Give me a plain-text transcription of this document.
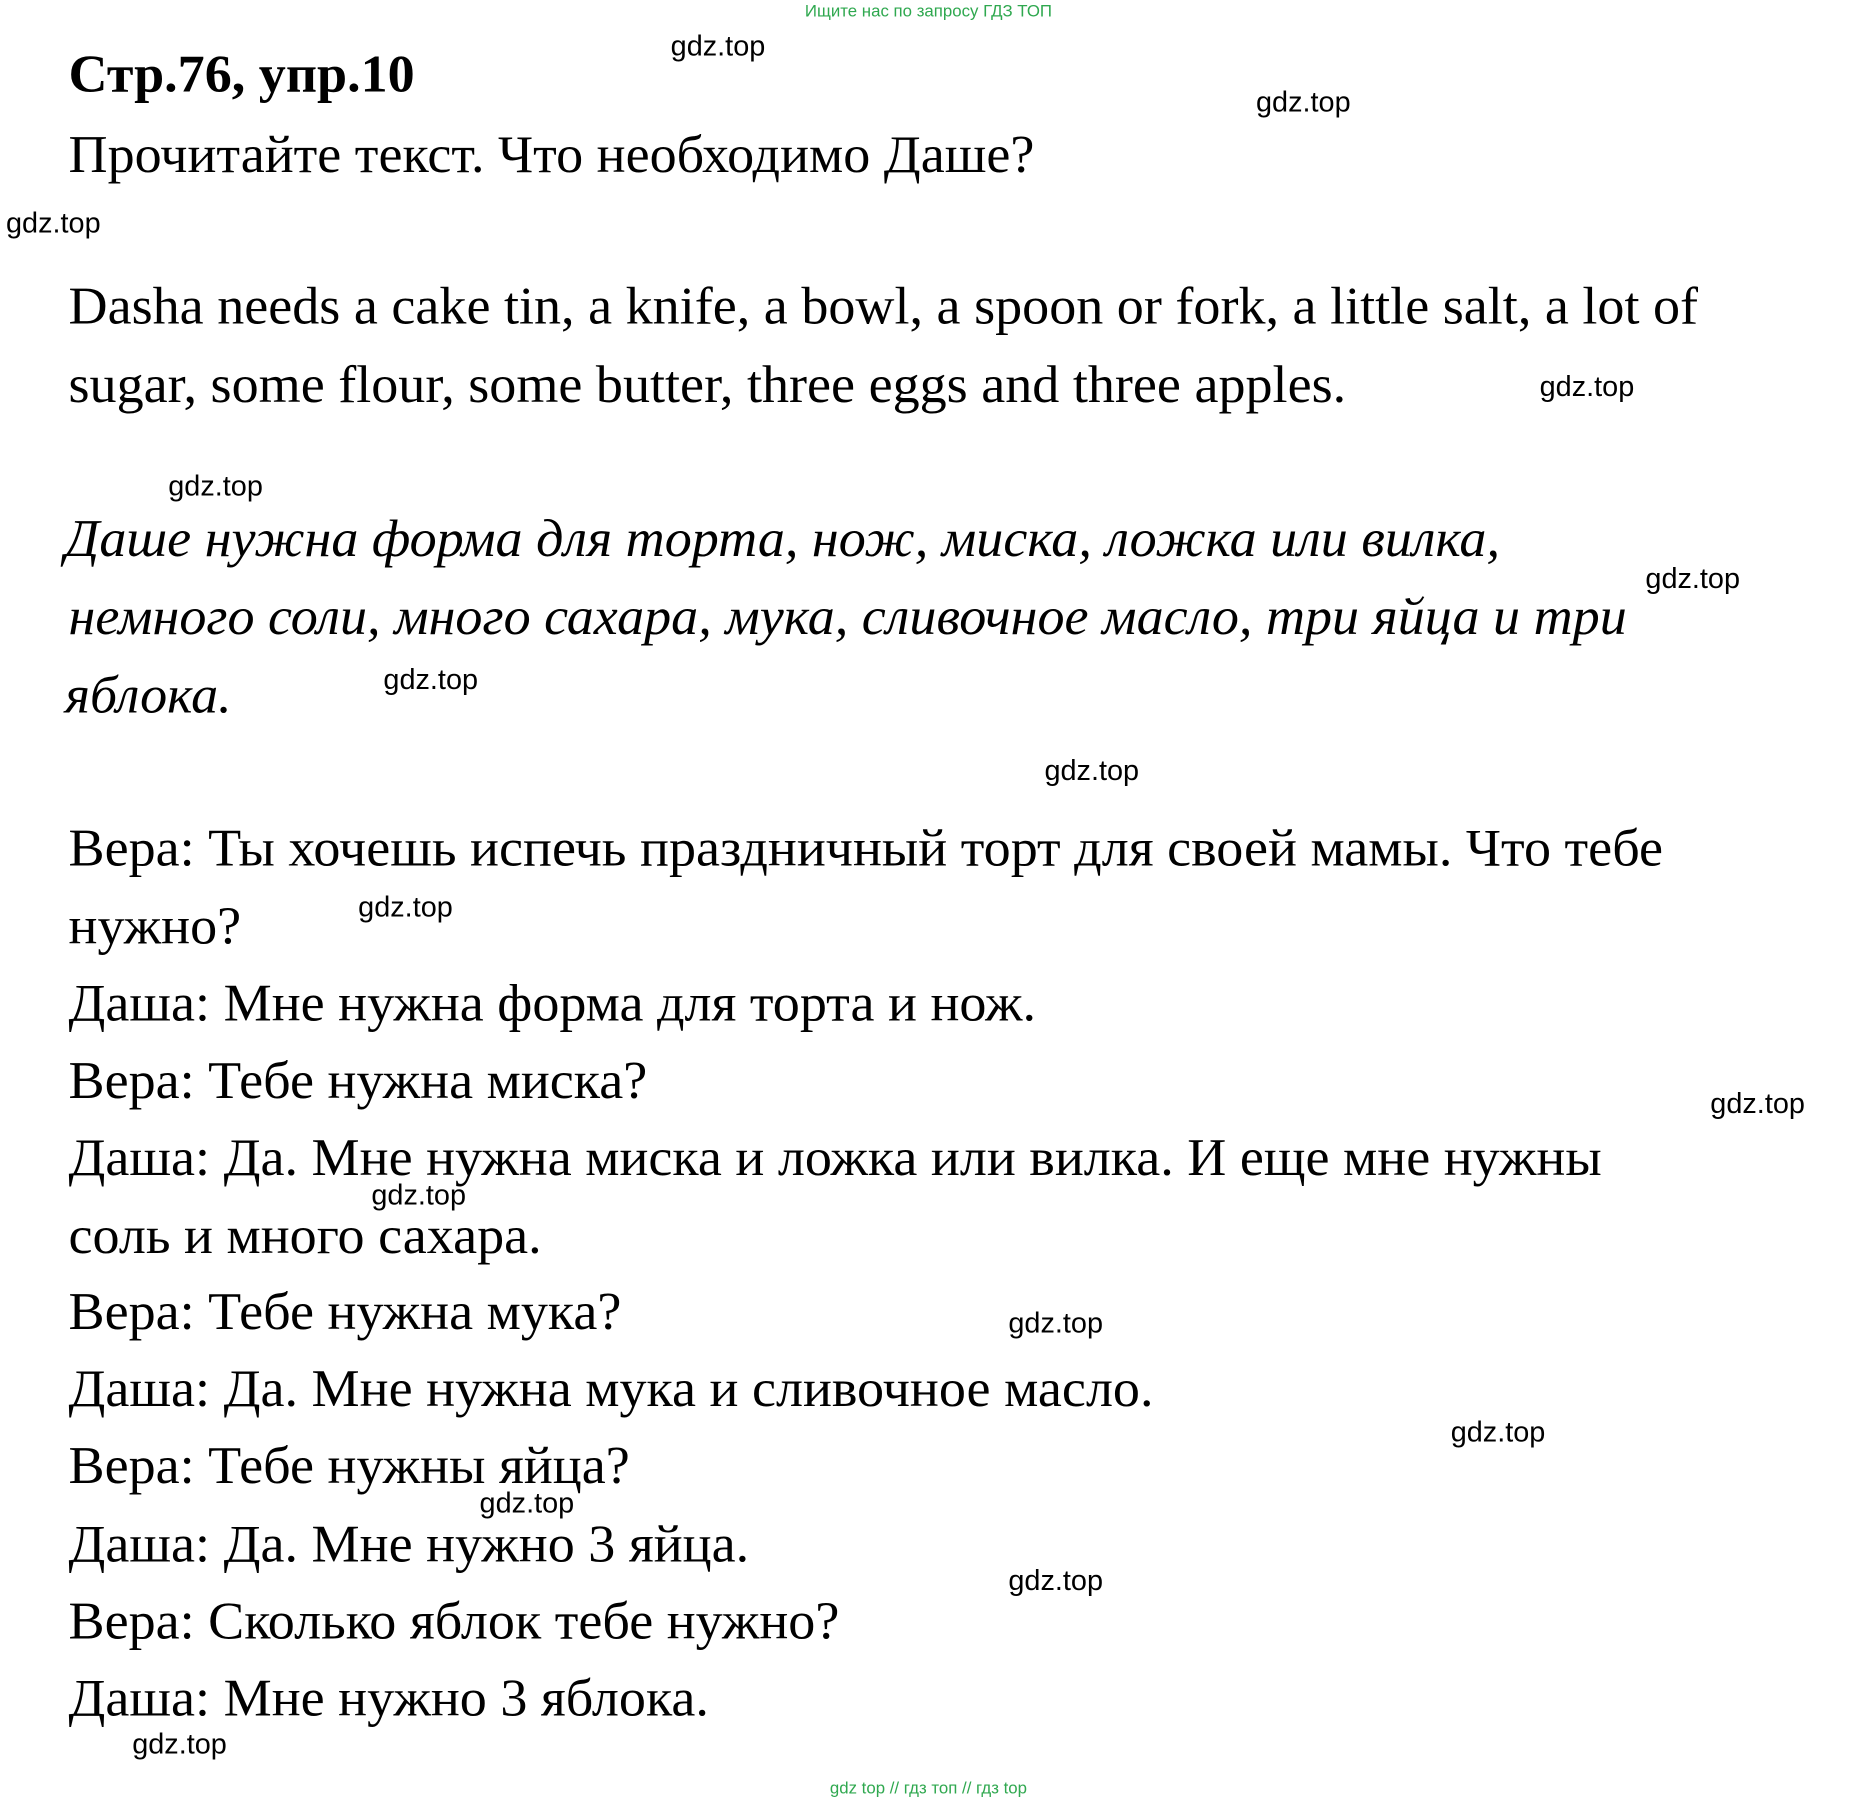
Ищите нас по запросу ГДЗ ТОП
Стр.76, упр.10
Прочитайте текст. Что необходимо Даше?
Dasha needs a cake tin, a knife, a bowl, a spoon or fork, a little salt, a lot of
sugar, some flour, some butter, three eggs and three apples.
Даше нужна форма для торта, нож, миска, ложка или вилка,
немного соли, много сахара, мука, сливочное масло, три яйца и три
яблока.
Вера: Ты хочешь испечь праздничный торт для своей мамы. Что тебе
нужно?
Даша: Мне нужна форма для торта и нож.
Вера: Тебе нужна миска?
Даша: Да. Мне нужна миска и ложка или вилка. И еще мне нужны
соль и много сахара.
Вера: Тебе нужна мука?
Даша: Да. Мне нужна мука и сливочное масло.
Вера: Тебе нужны яйца?
Даша: Да. Мне нужно 3 яйца.
Вера: Сколько яблок тебе нужно?
Даша: Мне нужно 3 яблока.
gdz.top
gdz.top
gdz.top
gdz.top
gdz.top
gdz.top
gdz.top
gdz.top
gdz.top
gdz.top
gdz.top
gdz.top
gdz.top
gdz.top
gdz.top
gdz.top
gdz top // гдз топ // гдз top
